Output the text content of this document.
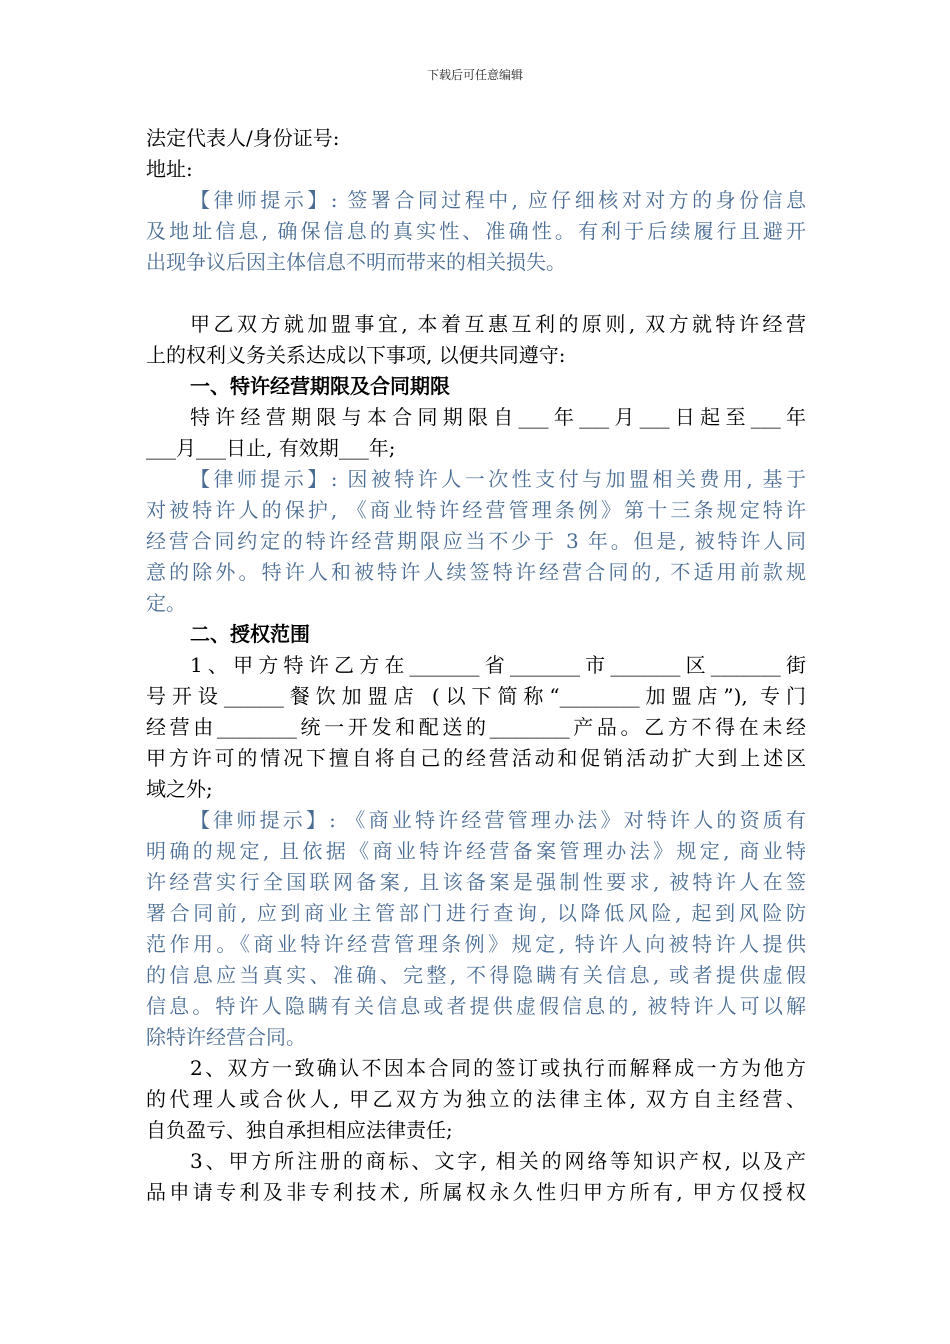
下载后可任意编辑
法定代表人/身份证号:
地址:
【律师提示】: 签署合同过程中, 应仔细核对对方的身份信息
及地址信息, 确保信息的真实性、准确性。有利于后续履行且避开
出现争议后因主体信息不明而带来的相关损失。
甲乙双方就加盟事宜, 本着互惠互利的原则, 双方就特许经营
上的权利义务关系达成以下事项, 以便共同遵守:
一、特许经营期限及合同期限
特许经营期限与本合同期限自___年___月___日起至___年
___月___日止, 有效期___年;
【律师提示】: 因被特许人一次性支付与加盟相关费用, 基于
对被特许人的保护, 《商业特许经营管理条例》第十三条规定特许
经营合同约定的特许经营期限应当不少于 3 年。但是, 被特许人同
意的除外。特许人和被特许人续签特许经营合同的, 不适用前款规
定。
二、授权范围
1、甲方特许乙方在_______省_______市_______区_______街
号开设______餐饮加盟店 (以下简称“________加盟店”), 专门
经营由________统一开发和配送的________产品。乙方不得在未经
甲方许可的情况下擅自将自己的经营活动和促销活动扩大到上述区
域之外;
【律师提示】: 《商业特许经营管理办法》对特许人的资质有
明确的规定, 且依据《商业特许经营备案管理办法》规定, 商业特
许经营实行全国联网备案, 且该备案是强制性要求, 被特许人在签
署合同前, 应到商业主管部门进行查询, 以降低风险, 起到风险防
范作用。《商业特许经营管理条例》规定, 特许人向被特许人提供
的信息应当真实、准确、完整, 不得隐瞒有关信息, 或者提供虚假
信息。特许人隐瞒有关信息或者提供虚假信息的, 被特许人可以解
除特许经营合同。
2、双方一致确认不因本合同的签订或执行而解释成一方为他方
的代理人或合伙人, 甲乙双方为独立的法律主体, 双方自主经营、
自负盈亏、独自承担相应法律责任;
3、甲方所注册的商标、文字, 相关的网络等知识产权, 以及产
品申请专利及非专利技术, 所属权永久性归甲方所有, 甲方仅授权
